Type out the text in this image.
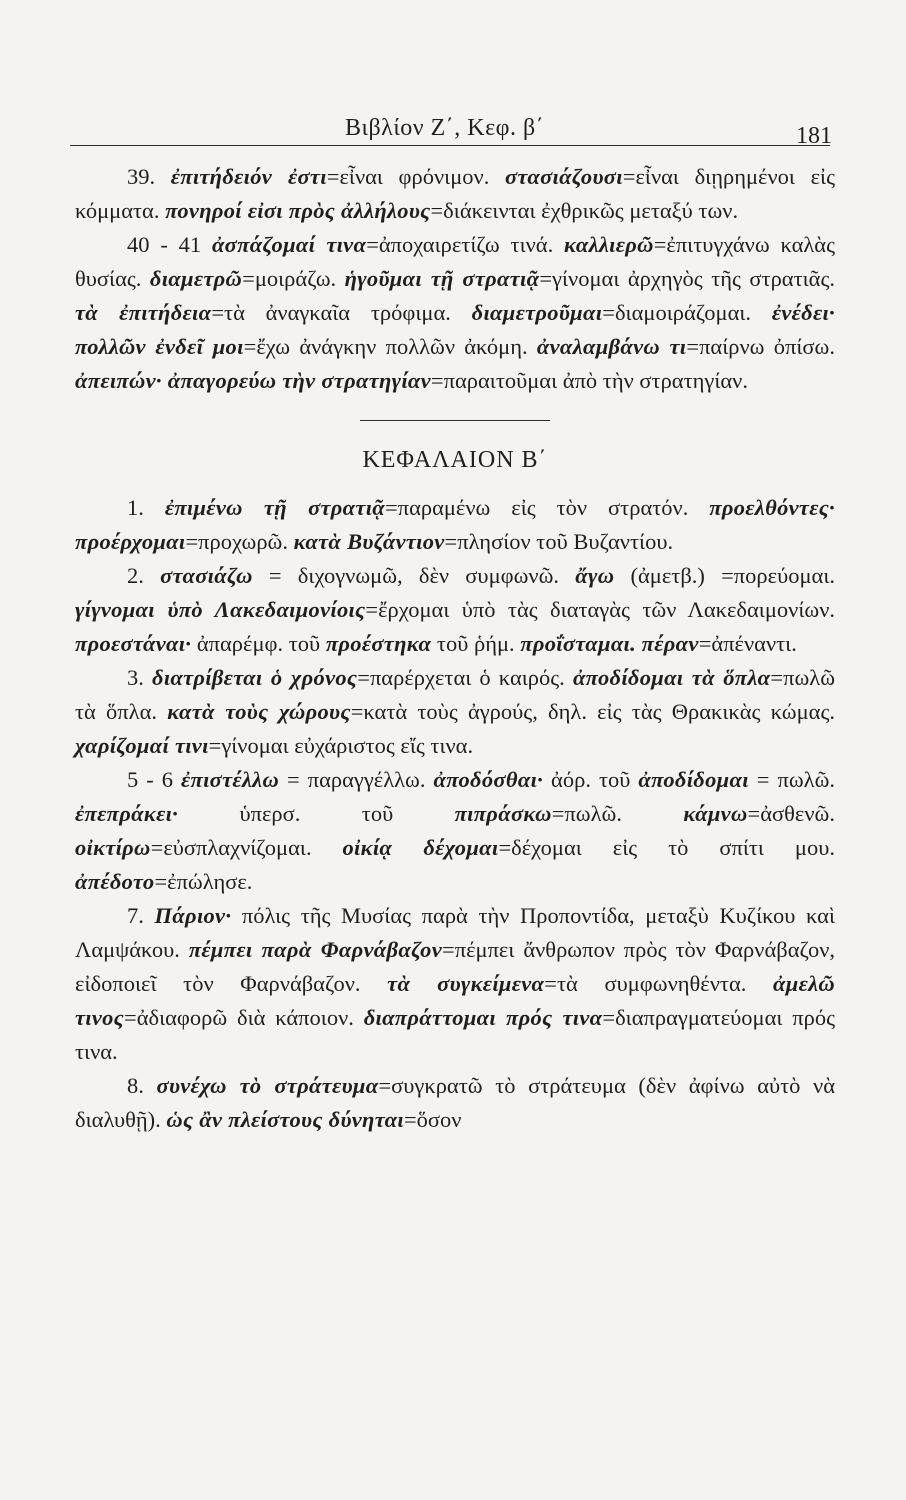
Βιβλίον Ζ΄, Κεφ. β΄	181

39. ἐπιτήδειόν ἐστι=εἶναι φρόνιμον. στασιάζουσι=εἶναι διῃρημένοι εἰς κόμματα. πονηροί εἰσι πρὸς ἀλλήλους=διάκεινται ἐχθρικῶς μεταξύ των.

40 - 41 ἀσπάζομαί τινα=ἀποχαιρετίζω τινά. καλλιερῶ=ἐπιτυγχάνω καλὰς θυσίας. διαμετρῶ=μοιράζω. ἡγοῦμαι τῇ στρατιᾷ=γίνομαι ἀρχηγὸς τῆς στρατιᾶς. τὰ ἐπιτήδεια=τὰ ἀναγκαῖα τρόφιμα. διαμετροῦμαι=διαμοιράζομαι. ἐνέδει· πολλῶν ἐνδεῖ μοι=ἔχω ἀνάγκην πολλῶν ἀκόμη. ἀναλαμβάνω τι=παίρνω ὀπίσω. ἀπειπών· ἀπαγορεύω τὴν στρατηγίαν=παραιτοῦμαι ἀπὸ τὴν στρατηγίαν.

ΚΕΦΑΛΑΙΟΝ Β΄

1. ἐπιμένω τῇ στρατιᾷ=παραμένω εἰς τὸν στρατόν. προελθόντες· προέρχομαι=προχωρῶ. κατὰ Βυζάντιον=πλησίον τοῦ Βυζαντίου.

2. στασιάζω = διχογνωμῶ, δὲν συμφωνῶ. ἄγω (ἀμετβ.) =πορεύομαι. γίγνομαι ὑπὸ Λακεδαιμονίοις=ἔρχομαι ὑπὸ τὰς διαταγὰς τῶν Λακεδαιμονίων. προεστάναι· ἀπαρέμφ. τοῦ προέστηκα τοῦ ῥήμ. προΐσταμαι. πέραν=ἀπέναντι.

3. διατρίβεται ὁ χρόνος=παρέρχεται ὁ καιρός. ἀποδίδομαι τὰ ὅπλα=πωλῶ τὰ ὅπλα. κατὰ τοὺς χώρους=κατὰ τοὺς ἀγρούς, δηλ. εἰς τὰς Θρακικὰς κώμας. χαρίζομαί τινι=γίνομαι εὐχάριστος εἴς τινα.

5 - 6 ἐπιστέλλω = παραγγέλλω. ἀποδόσθαι· ἀόρ. τοῦ ἀποδίδομαι = πωλῶ. ἐπεπράκει· ὑπερσ. τοῦ πιπράσκω=πωλῶ. κάμνω=ἀσθενῶ. οἰκτίρω=εὐσπλαχνίζομαι. οἰκίᾳ δέχομαι=δέχομαι εἰς τὸ σπίτι μου. ἀπέδοτο=ἐπώλησε.

7. Πάριον· πόλις τῆς Μυσίας παρὰ τὴν Προποντίδα, μεταξὺ Κυζίκου καὶ Λαμψάκου. πέμπει παρὰ Φαρνάβαζον=πέμπει ἄνθρωπον πρὸς τὸν Φαρνάβαζον, εἰδοποιεῖ τὸν Φαρνάβαζον. τὰ συγκείμενα=τὰ συμφωνηθέντα. ἀμελῶ τινος=ἀδιαφορῶ διὰ κάποιον. διαπράττομαι πρός τινα=διαπραγματεύομαι πρός τινα.

8. συνέχω τὸ στράτευμα=συγκρατῶ τὸ στράτευμα (δὲν ἀφίνω αὐτὸ νὰ διαλυθῇ). ὡς ἂν πλείστους δύνηται=ὅσον
